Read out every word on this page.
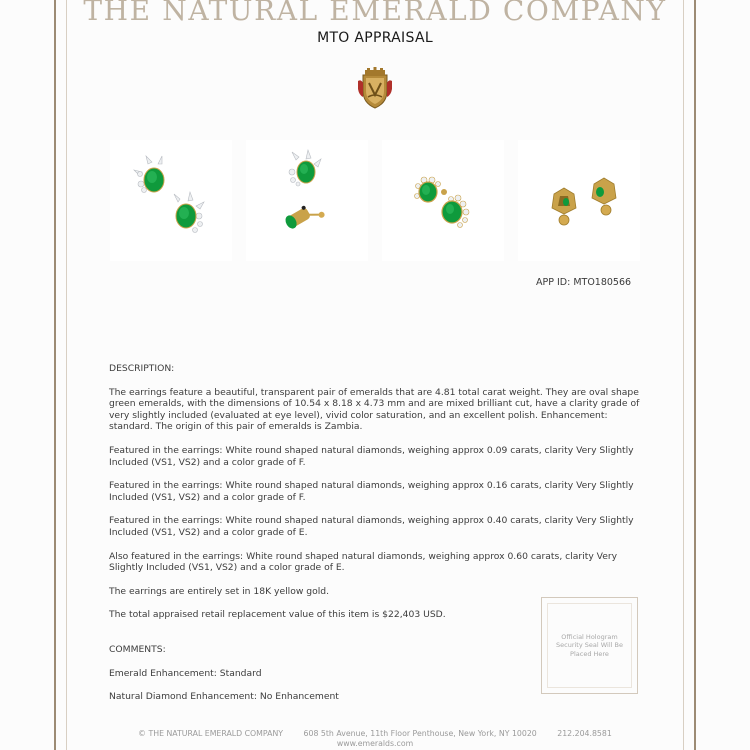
THE NATURAL EMERALD COMPANY
MTO APPRAISAL
APP ID: MTO180566

DESCRIPTION:

The earrings feature a beautiful, transparent pair of emeralds that are 4.81 total carat weight. They are oval shape green emeralds, with the dimensions of 10.54 x 8.18 x 4.73 mm and are mixed brilliant cut, have a clarity grade of very slightly included (evaluated at eye level), vivid color saturation, and an excellent polish. Enhancement: standard. The origin of this pair of emeralds is Zambia.

Featured in the earrings: White round shaped natural diamonds, weighing approx 0.09 carats, clarity Very Slightly Included (VS1, VS2) and a color grade of F.

Featured in the earrings: White round shaped natural diamonds, weighing approx 0.16 carats, clarity Very Slightly Included (VS1, VS2) and a color grade of F.

Featured in the earrings: White round shaped natural diamonds, weighing approx 0.40 carats, clarity Very Slightly Included (VS1, VS2) and a color grade of E.

Also featured in the earrings: White round shaped natural diamonds, weighing approx 0.60 carats, clarity Very Slightly Included (VS1, VS2) and a color grade of E.

The earrings are entirely set in 18K yellow gold.

The total appraised retail replacement value of this item is $22,403 USD.

COMMENTS:
Emerald Enhancement: Standard
Natural Diamond Enhancement: No Enhancement
Official Hologram Security Seal Will Be Placed Here
© THE NATURAL EMERALD COMPANY	608 5th Avenue, 11th Floor Penthouse, New York, NY 10020	212.204.8581
www.emeralds.com
